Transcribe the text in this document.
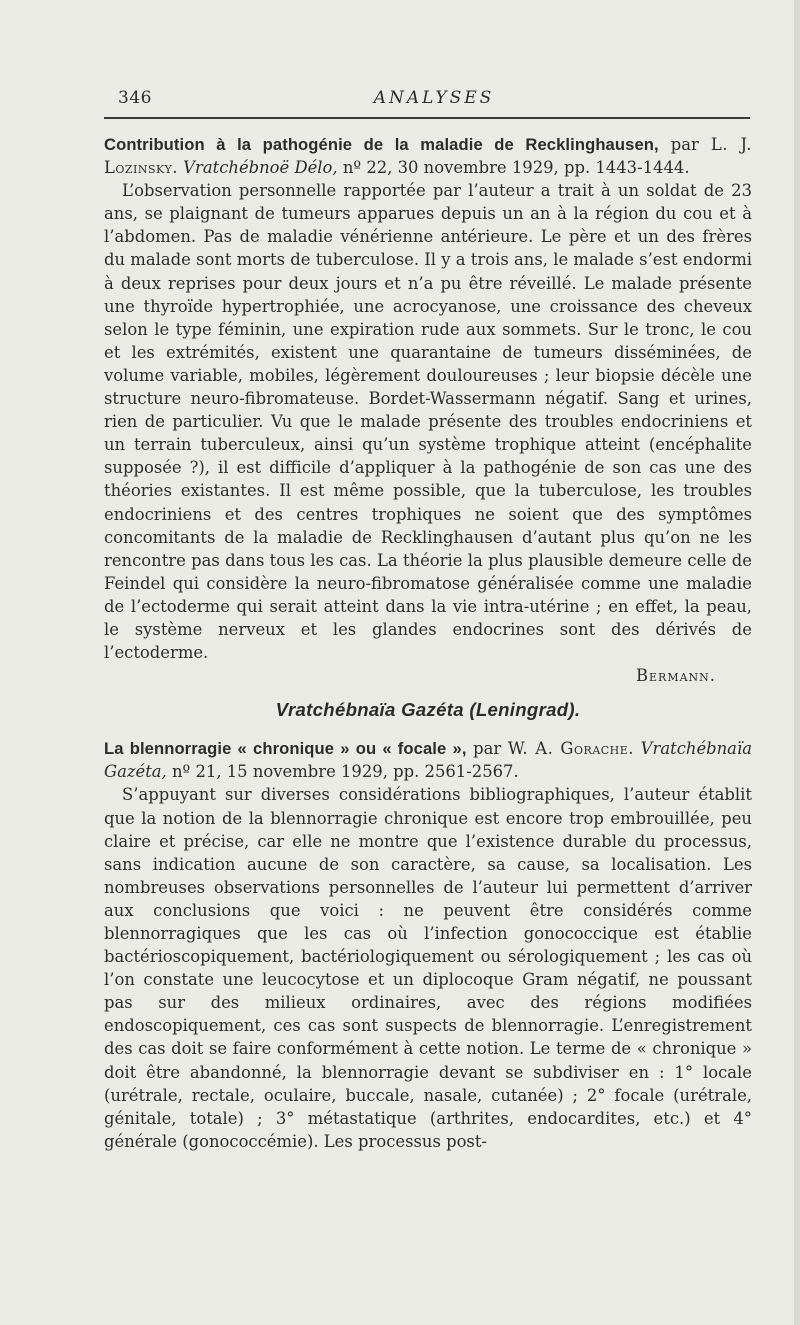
346	ANALYSES

Contribution à la pathogénie de la maladie de Recklinghausen, par L. J. Lozinsky. Vratchébnoë Délo, nº 22, 30 novembre 1929, pp. 1443-1444.

L’observation personnelle rapportée par l’auteur a trait à un soldat de 23 ans, se plaignant de tumeurs apparues depuis un an à la région du cou et à l’abdomen. Pas de maladie vénérienne antérieure. Le père et un des frères du malade sont morts de tuberculose. Il y a trois ans, le malade s’est endormi à deux reprises pour deux jours et n’a pu être réveillé. Le malade présente une thyroïde hypertrophiée, une acrocyanose, une croissance des cheveux selon le type féminin, une expiration rude aux sommets. Sur le tronc, le cou et les extrémités, existent une quarantaine de tumeurs disséminées, de volume variable, mobiles, légèrement douloureuses ; leur biopsie décèle une structure neuro-fibromateuse. Bordet-Wassermann négatif. Sang et urines, rien de particulier. Vu que le malade présente des troubles endocriniens et un terrain tuberculeux, ainsi qu’un système trophique atteint (encéphalite supposée ?), il est difficile d’appliquer à la pathogénie de son cas une des théories existantes. Il est même possible, que la tuberculose, les troubles endocriniens et des centres trophiques ne soient que des symptômes concomitants de la maladie de Recklinghausen d’autant plus qu’on ne les rencontre pas dans tous les cas. La théorie la plus plausible demeure celle de Feindel qui considère la neuro-fibromatose généralisée comme une maladie de l’ectoderme qui serait atteint dans la vie intra-utérine ; en effet, la peau, le système nerveux et les glandes endocrines sont des dérivés de l’ectoderme.

Bermann.

Vratchébnaïa Gazéta (Leningrad).

La blennorragie « chronique » ou « focale », par W. A. Gorache. Vratchébnaïa Gazéta, nº 21, 15 novembre 1929, pp. 2561-2567.

S’appuyant sur diverses considérations bibliographiques, l’auteur établit que la notion de la blennorragie chronique est encore trop embrouillée, peu claire et précise, car elle ne montre que l’existence durable du processus, sans indication aucune de son caractère, sa cause, sa localisation. Les nombreuses observations personnelles de l’auteur lui permettent d’arriver aux conclusions que voici : ne peuvent être considérés comme blennorragiques que les cas où l’infection gonococcique est établie bactérioscopiquement, bactériologiquement ou sérologiquement ; les cas où l’on constate une leucocytose et un diplocoque Gram négatif, ne poussant pas sur des milieux ordinaires, avec des régions modifiées endoscopiquement, ces cas sont suspects de blennorragie. L’enregistrement des cas doit se faire conformément à cette notion. Le terme de « chronique » doit être abandonné, la blennorragie devant se subdiviser en : 1° locale (urétrale, rectale, oculaire, buccale, nasale, cutanée) ; 2° focale (urétrale, génitale, totale) ; 3° métastatique (arthrites, endocardites, etc.) et 4° générale (gonococcémie). Les processus post-
